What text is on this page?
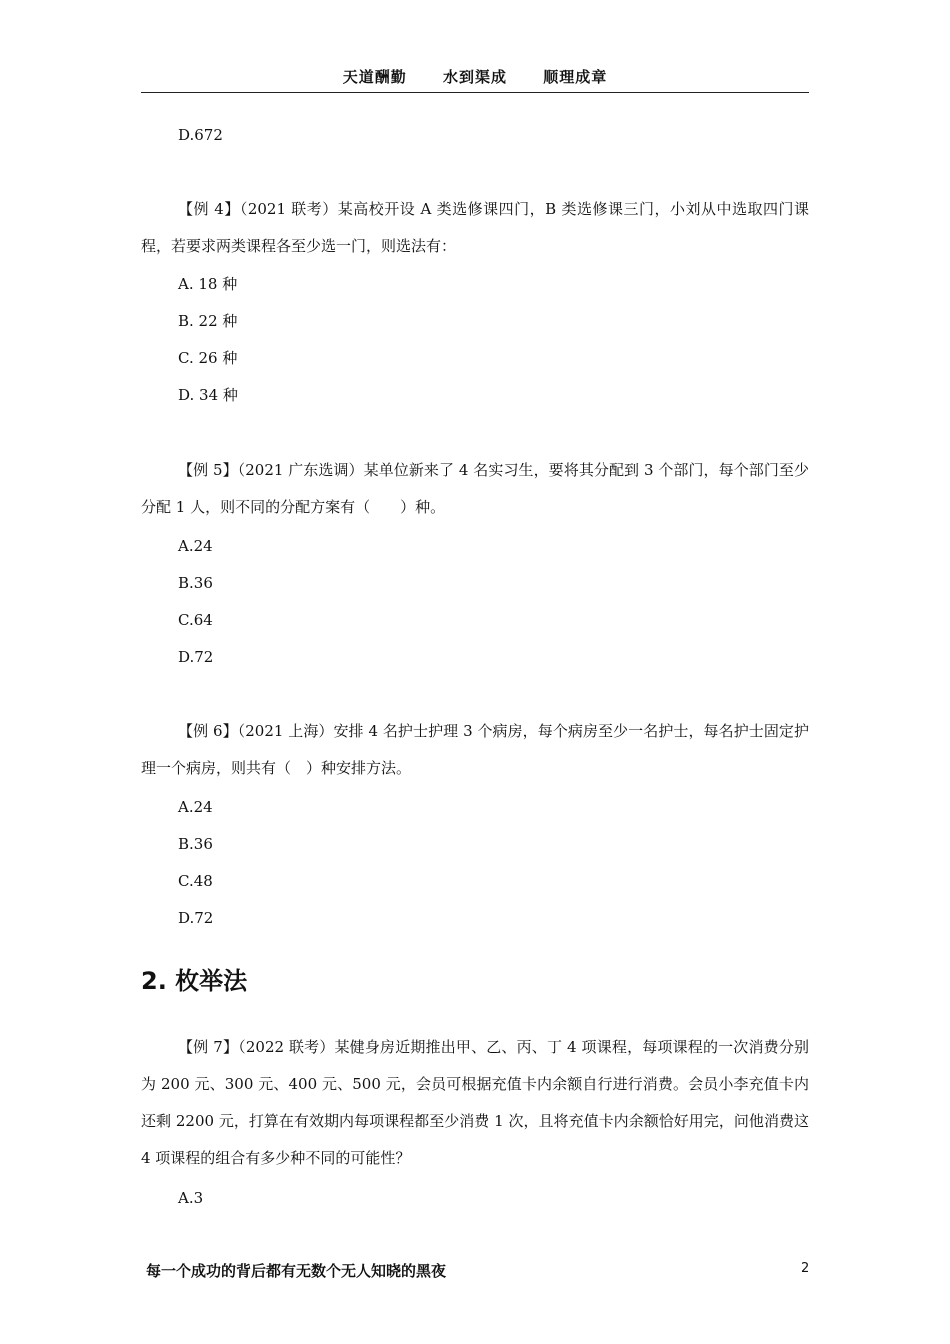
天道酬勤 水到渠成 顺理成章
D.672
【例 4】（2021 联考）某高校开设 A 类选修课四门，B 类选修课三门，小刘从中选取四门课程，若要求两类课程各至少选一门，则选法有：
A. 18 种
B. 22 种
C. 26 种
D. 34 种
【例 5】（2021 广东选调）某单位新来了 4 名实习生，要将其分配到 3 个部门，每个部门至少分配 1 人，则不同的分配方案有（　　）种。
A.24
B.36
C.64
D.72
【例 6】（2021 上海）安排 4 名护士护理 3 个病房，每个病房至少一名护士，每名护士固定护理一个病房，则共有（　）种安排方法。
A.24
B.36
C.48
D.72
2. 枚举法
【例 7】（2022 联考）某健身房近期推出甲、乙、丙、丁 4 项课程，每项课程的一次消费分别为 200 元、300 元、400 元、500 元，会员可根据充值卡内余额自行进行消费。会员小李充值卡内还剩 2200 元，打算在有效期内每项课程都至少消费 1 次，且将充值卡内余额恰好用完，问他消费这 4 项课程的组合有多少种不同的可能性？
A.3
每一个成功的背后都有无数个无人知晓的黑夜	2
